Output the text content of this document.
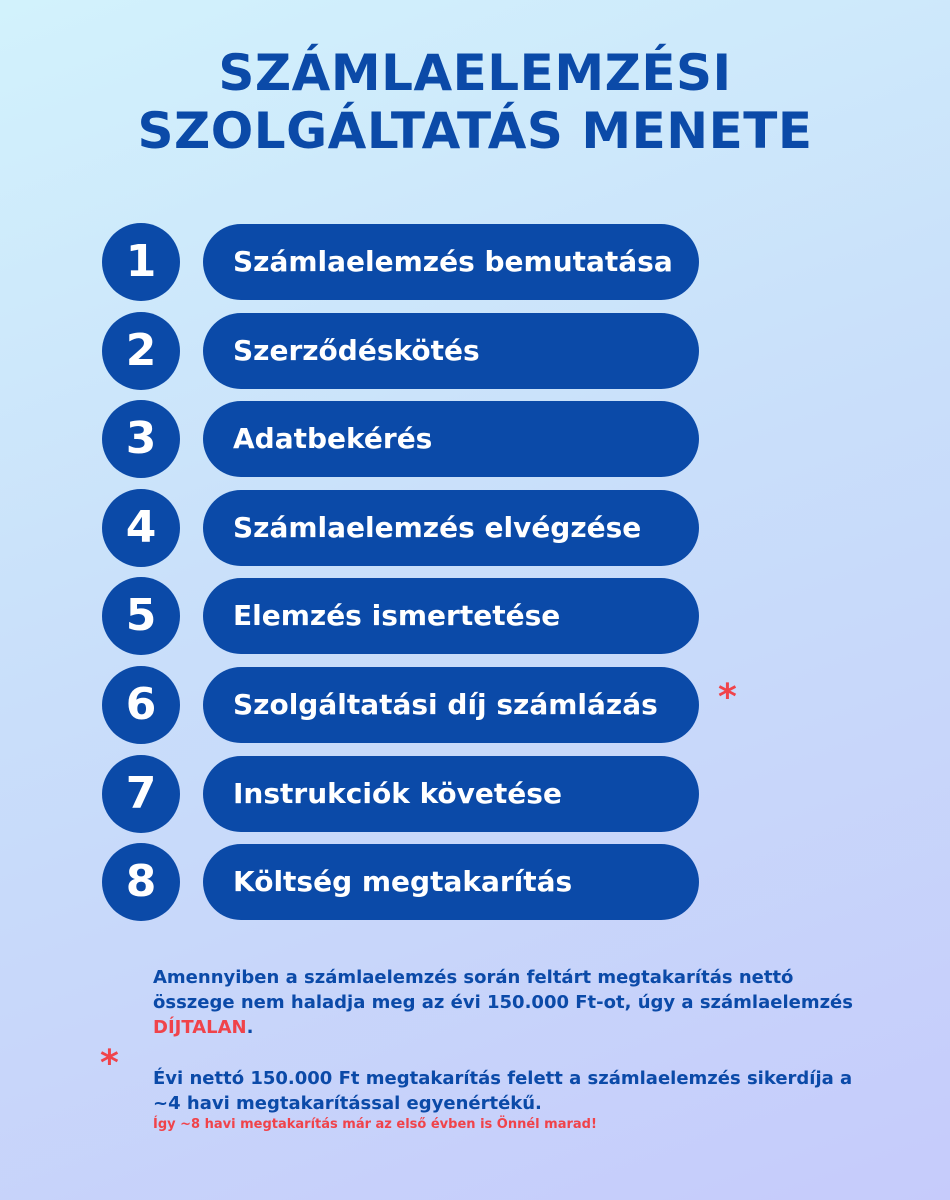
SZÁMLAELEMZÉSI
SZOLGÁLTATÁS MENETE
1	Számlaelemzés bemutatása
2	Szerződéskötés
3	Adatbekérés
4	Számlaelemzés elvégzése
5	Elemzés ismertetése
6	Szolgáltatási díj számlázás	*
7	Instrukciók követése
8	Költség megtakarítás
*
Amennyiben a számlaelemzés során feltárt megtakarítás nettó összege nem haladja meg az évi 150.000 Ft-ot, úgy a számlaelemzés DÍJTALAN.
Évi nettó 150.000 Ft megtakarítás felett a számlaelemzés sikerdíja a ~4 havi megtakarítással egyenértékű.
Így ~8 havi megtakarítás már az első évben is Önnél marad!
